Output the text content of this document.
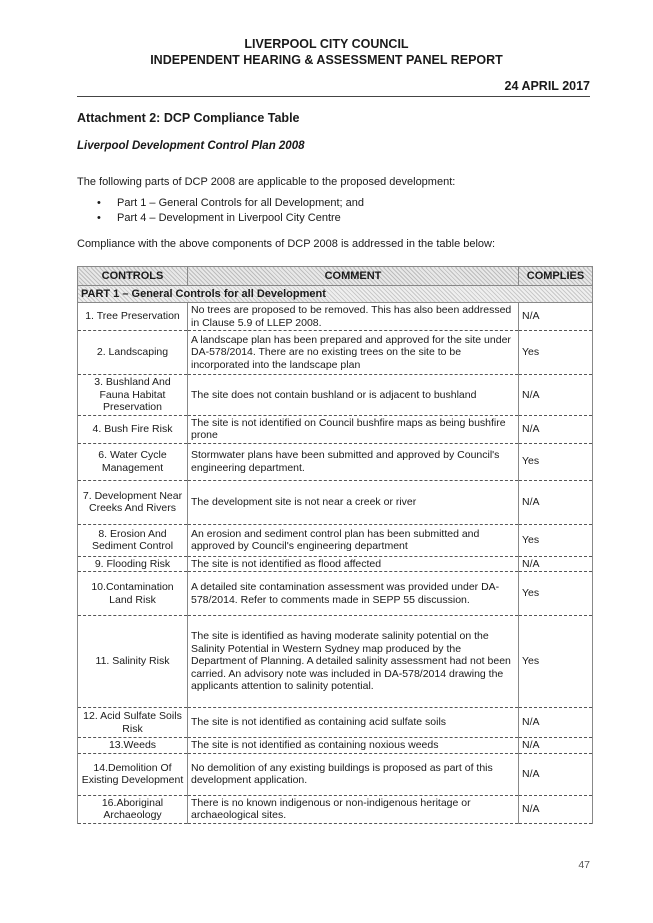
LIVERPOOL CITY COUNCIL
INDEPENDENT HEARING & ASSESSMENT PANEL REPORT
24 APRIL 2017
Attachment 2: DCP Compliance Table
Liverpool Development Control Plan 2008
The following parts of DCP 2008 are applicable to the proposed development:
• Part 1 – General Controls for all Development; and
• Part 4 – Development in Liverpool City Centre
Compliance with the above components of DCP 2008 is addressed in the table below:
CONTROLS	COMMENT	COMPLIES
PART 1 – General Controls for all Development		
1. Tree Preservation	No trees are proposed to be removed. This has also been addressed in Clause 5.9 of LLEP 2008.	N/A
2. Landscaping	A landscape plan has been prepared and approved for the site under DA-578/2014. There are no existing trees on the site to be incorporated into the landscape plan	Yes
3. Bushland And Fauna Habitat Preservation	The site does not contain bushland or is adjacent to bushland	N/A
4. Bush Fire Risk	The site is not identified on Council bushfire maps as being bushfire prone	N/A
6. Water Cycle Management	Stormwater plans have been submitted and approved by Council's engineering department.	Yes
7. Development Near Creeks And Rivers	The development site is not near a creek or river	N/A
8. Erosion And Sediment Control	An erosion and sediment control plan has been submitted and approved by Council's engineering department	Yes
9. Flooding Risk	The site is not identified as flood affected	N/A
10.Contamination Land Risk	A detailed site contamination assessment was provided under DA-578/2014. Refer to comments made in SEPP 55 discussion.	Yes
11. Salinity Risk	The site is identified as having moderate salinity potential on the Salinity Potential in Western Sydney map produced by the Department of Planning. A detailed salinity assessment had not been carried. An advisory note was included in DA-578/2014 drawing the applicants attention to salinity potential.	Yes
12. Acid Sulfate Soils Risk	The site is not identified as containing acid sulfate soils	N/A
13.Weeds	The site is not identified as containing noxious weeds	N/A
14.Demolition Of Existing Development	No demolition of any existing buildings is proposed as part of this development application.	N/A
16.Aboriginal Archaeology	There is no known indigenous or non-indigenous heritage or archaeological sites.	N/A
47
